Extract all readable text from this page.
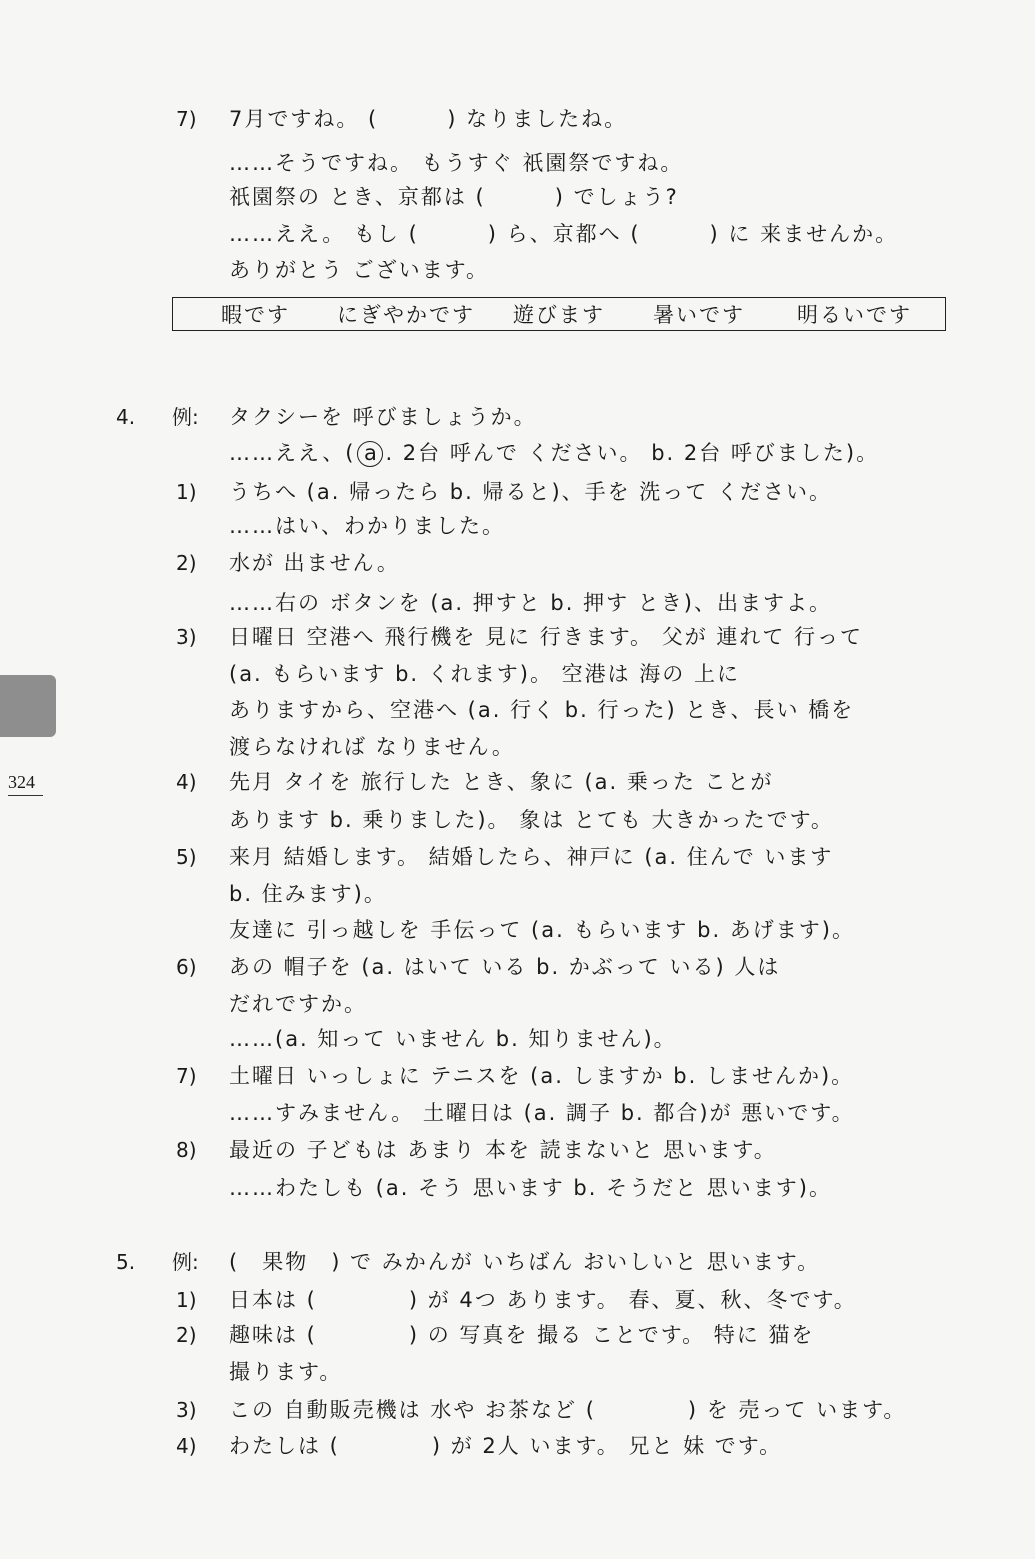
324
7) 7月ですね。 (　　　) なりましたね。
……そうですね。 もうすぐ 祇園祭ですね。
祇園祭の とき、京都は (　　　) でしょう?
……ええ。 もし (　　　) ら、京都へ (　　　) に 来ませんか。
ありがとう ございます。
暇です にぎやかです 遊びます 暑いです 明るいです
4. 例: タクシーを 呼びましょうか。
……ええ、( a . 2台 呼んで ください。 b. 2台 呼びました)。
1) うちへ (a. 帰ったら b. 帰ると)、手を 洗って ください。
……はい、わかりました。
2) 水が 出ません。
……右の ボタンを (a. 押すと b. 押す とき)、出ますよ。
3) 日曜日 空港へ 飛行機を 見に 行きます。 父が 連れて 行って
(a. もらいます b. くれます)。 空港は 海の 上に
ありますから、空港へ (a. 行く b. 行った) とき、長い 橋を
渡らなければ なりません。
4) 先月 タイを 旅行した とき、象に (a. 乗った ことが
あります b. 乗りました)。 象は とても 大きかったです。
5) 来月 結婚します。 結婚したら、神戸に (a. 住んで います
b. 住みます)。
友達に 引っ越しを 手伝って (a. もらいます b. あげます)。
6) あの 帽子を (a. はいて いる b. かぶって いる) 人は
だれですか。
……(a. 知って いません b. 知りません)。
7) 土曜日 いっしょに テニスを (a. しますか b. しませんか)。
……すみません。 土曜日は (a. 調子 b. 都合)が 悪いです。
8) 最近の 子どもは あまり 本を 読まないと 思います。
……わたしも (a. そう 思います b. そうだと 思います)。
5. 例: (　果物　) で みかんが いちばん おいしいと 思います。
1) 日本は (　　　　) が 4つ あります。 春、夏、秋、冬です。
2) 趣味は (　　　　) の 写真を 撮る ことです。 特に 猫を
撮ります。
3) この 自動販売機は 水や お茶など (　　　　) を 売って います。
4) わたしは (　　　　) が 2人 います。 兄と 妹 です。
